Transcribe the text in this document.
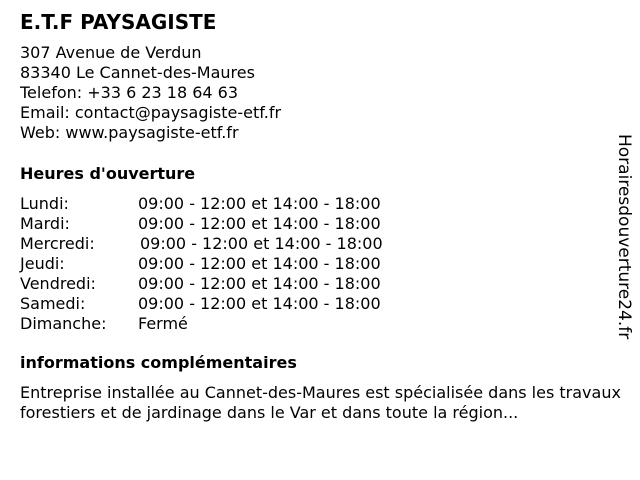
E.T.F PAYSAGISTE
307 Avenue de Verdun
83340 Le Cannet-des-Maures
Telefon: +33 6 23 18 64 63
Email: contact@paysagiste-etf.fr
Web: www.paysagiste-etf.fr
Heures d'ouverture
Lundi:	09:00 - 12:00 et 14:00 - 18:00
Mardi:	09:00 - 12:00 et 14:00 - 18:00
Mercredi:	09:00 - 12:00 et 14:00 - 18:00
Jeudi:	09:00 - 12:00 et 14:00 - 18:00
Vendredi:	09:00 - 12:00 et 14:00 - 18:00
Samedi:	09:00 - 12:00 et 14:00 - 18:00
Dimanche: Fermé
informations complémentaires

Entreprise installée au Cannet-des-Maures est spécialisée dans les travaux forestiers et de jardinage dans le Var et dans toute la région...

Horairesdouverture24.fr
